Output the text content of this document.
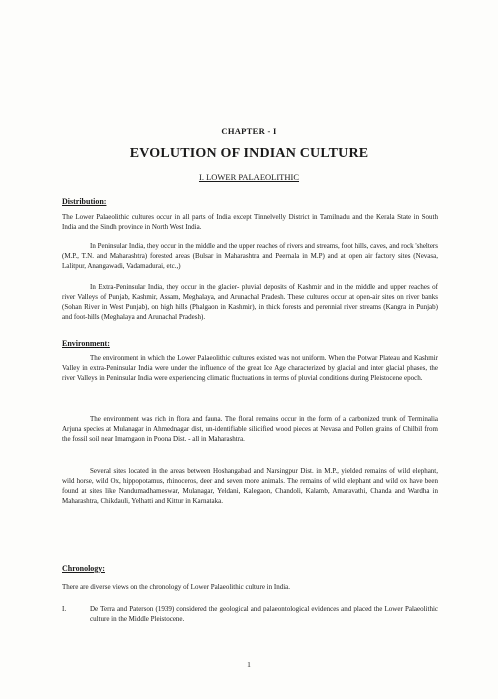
CHAPTER - I
EVOLUTION OF INDIAN CULTURE
I. LOWER PALAEOLITHIC
Distribution:
The Lower Palaeolithic cultures occur in all parts of India except Tinnelvelly District in Tamilnadu and the Kerala State in South India and the Sindh province in North West India.
In Peninsular India, they occur in the middle and the upper reaches of rivers and streams, foot hills, caves, and rock 'shelters (M.P., T.N. and Maharashtra) forested areas (Bulsar in Maharashtra and Peernala in M.P) and at open air factory sites (Nevasa, Lalitpur, Anangawadi, Vadamadurai, etc.,)
In Extra-Peninsular India, they occur in the glacier- pluvial deposits of Kashmir and in the middle and upper reaches of river Valleys of Punjab, Kashmir, Assam, Meghalaya, and Arunachal Pradesh. These cultures occur at open-air sites on river banks (Sohan River in West Punjab), on high hills (Phalgaon in Kashmir), in thick forests and perennial river streams (Kangra in Punjab) and foot-hills (Meghalaya and Arunachal Pradesh).
Environment:
The environment in which the Lower Palaeolithic cultures existed was not uniform. When the Potwar Plateau and Kashmir Valley in extra-Peninsular India were under the influence of the great Ice Age characterized by glacial and inter glacial phases, the river Valleys in Peninsular India were experiencing climatic fluctuations in terms of pluvial conditions during Pleistocene epoch.
The environment was rich in flora and fauna. The floral remains occur in the form of a carbonized trunk of Terminalia Arjuna species at Mulanagar in Ahmednagar dist, un-identifiable silicified wood pieces at Nevasa and Pollen grains of Chilbil from the fossil soil near Imamgaon in Poona Dist. - all in Maharashtra.
Several sites located in the areas between Hoshangabad and Narsingpur Dist. in M.P., yielded remains of wild elephant, wild horse, wild Ox, hippopotamus, rhinoceros, deer and seven more animals. The remains of wild elephant and wild ox have been found at sites like Nandumadhameswar, Mulanagar, Yeldani, Kalegaon, Chandoli, Kalamb, Amaravathi, Chanda and Wardha in Maharashtra, Chikdauli, Yelhatti and Kittur in Karnataka.
Chronology:
There are diverse views on the chronology of Lower Palaeolithic culture in India.
I.	De Terra and Paterson (1939) considered the geological and palaeontological evidences and placed the Lower Palaeolithic culture in the Middle Pleistocene.
1
